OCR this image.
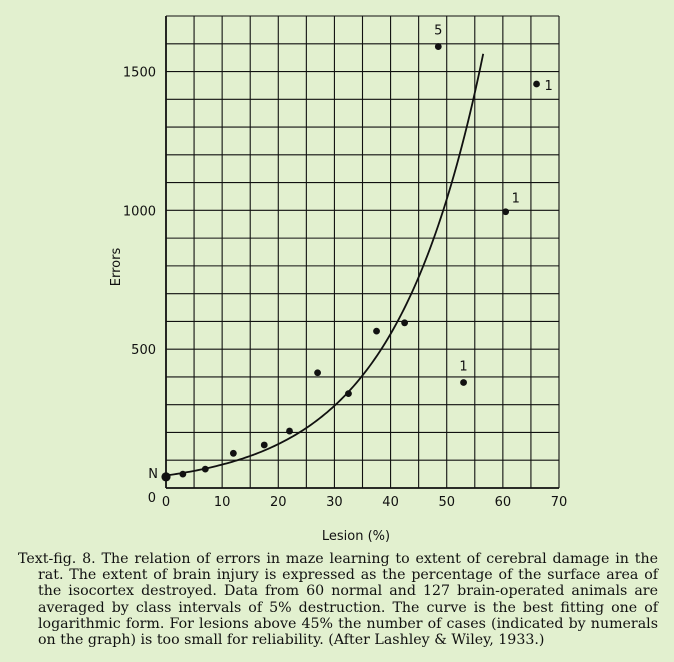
5
1
1
1
0	10	20	30	40	50	60	70
500
1000
1500
0
N
Lesion (%)
Errors
Text-fig. 8. The relation of errors in maze learning to extent of cerebral damage in the rat. The extent of brain injury is expressed as the percentage of the surface area of the isocortex destroyed. Data from 60 normal and 127 brain-operated animals are averaged by class intervals of 5% destruction. The curve is the best fitting one of logarithmic form. For lesions above 45% the number of cases (indicated by numerals on the graph) is too small for reliability. (After Lashley & Wiley, 1933.)
